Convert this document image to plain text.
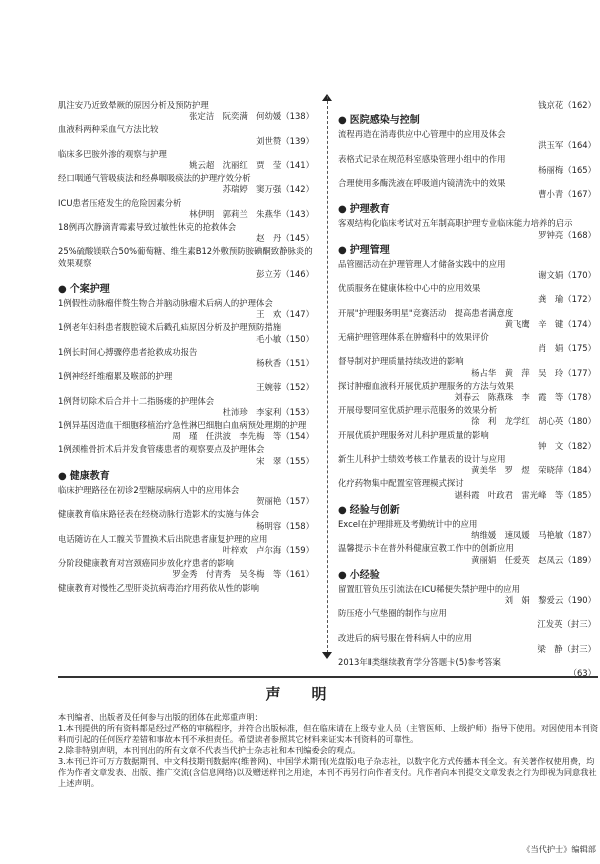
肌注安乃近致晕厥的原因分析及预防护理
张定洁　阮奕满　何幼媛（138）
血液科两种采血气方法比较
刘世赞（139）
临床多巴胺外渗的观察与护理
姚云超　沈丽红　贾　莹（141）
经口咽通气管吸痰法和经鼻咽吸痰法的护理疗效分析
苏瑞婷　窦万强（142）
ICU患者压疮发生的危险因素分析
林伊明　郭莉兰　朱燕华（143）
18例再次静滴青霉素导致过敏性休克的抢救体会
赵　丹（145）
25%硫酸镁联合50%葡萄糖、维生素B12外敷预防胺碘酮致静脉炎的效果观察
彭立芳（146）
● 个案护理
1例假性动脉瘤伴赘生物合并脑动脉瘤术后病人的护理体会
王　欢（147）
1例老年妇科患者腹腔镜术后戳孔疝原因分析及护理预防措施
毛小敏（150）
1例长时间心搏骤停患者抢救成功报告
杨秋香（151）
1例神经纤维瘤累及喉部的护理
王婉蓉（152）
1例肾切除术后合并十二指肠瘘的护理体会
杜沛珍　李家利（153）
1例异基因造血干细胞移植治疗急性淋巴细胞白血病预处理期的护理
周　瑾　任洪波　李先梅　等（154）
1例颈椎骨折术后并发食管瘘患者的观察要点及护理体会
宋　翠（155）
● 健康教育
临床护理路径在初诊2型糖尿病病人中的应用体会
贺丽艳（157）
健康教育临床路径表在经桡动脉行造影术的实施与体会
杨明容（158）
电话随访在人工髋关节置换术后出院患者康复护理的应用
叶梓欢　卢尔海（159）
分阶段健康教育对宫颈癌同步放化疗患者的影响
罗金秀　付青秀　吴冬梅　等（161）
健康教育对慢性乙型肝炎抗病毒治疗用药依从性的影响
钱京花（162）
● 医院感染与控制
流程再造在消毒供应中心管理中的应用及体会
洪玉军（164）
表格式记录在规范科室感染管理小组中的作用
杨丽梅（165）
合理使用多酶洗液在呼吸道内镜清洗中的效果
曹小青（167）
● 护理教育
客观结构化临床考试对五年制高职护理专业临床能力培养的启示
罗钟亮（168）
● 护理管理
品管圈活动在护理管理人才储备实践中的应用
谢文娟（170）
优质服务在健康体检中心中的应用效果
龚　瑜（172）
开展"护理服务明星"竞赛活动　提高患者满意度
黄飞鹰　辛　键（174）
无痛护理管理体系在肿瘤科中的效果评价
肖　娟（175）
督导制对护理质量持续改进的影响
杨占华　黄　萍　吴　玲（177）
探讨肿瘤血液科开展优质护理服务的方法与效果
刘春云　陈燕珠　李　霞　等（178）
开展母婴同室优质护理示范服务的效果分析
徐　利　龙学红　胡心英（180）
开展优质护理服务对儿科护理质量的影响
钟　文（182）
新生儿科护士绩效考核工作量表的设计与应用
黄美华　罗　煜　荣晓萍（184）
化疗药物集中配置室管理模式探讨
谌科霞　叶政君　雷光峰　等（185）
● 经验与创新
Excel在护理排班及考勤统计中的应用
纳维媛　速凤媛　马艳敏（187）
温馨提示卡在普外科健康宣教工作中的创新应用
黄丽娟　任爱英　赵凤云（189）
● 小经验
留置肛管负压引流法在ICU稀便失禁护理中的应用
刘　娟　黎爱云（190）
防压疮小气垫圈的制作与应用
江发英（封三）
改进后的病号服在骨科病人中的应用
梁　静（封三）
2013年Ⅱ类继续教育学分答题卡(5)参考答案
（63）
声　明

本刊编者、出版者及任何参与出版的团体在此郑重声明：

1.本刊提供的所有资料都是经过严格的审稿程序，并符合出版标准，但在临床请在上级专业人员（主管医师、上级护师）指导下使用。对因使用本刊资料而引起的任何医疗差错和事故本刊不承担责任。希望读者参照其它材料来证实本刊资料的可靠性。

2.除非特别声明，本刊刊出的所有文章不代表当代护士杂志社和本刊编委会的观点。

3.本刊已许可万方数据期刊、中文科技期刊数据库(维普网)、中国学术期刊(光盘版)电子杂志社，以数字化方式传播本刊全文。有关著作权使用费，均作为作者文章发表、出版、推广交流(含信息网络)以及赠送样刊之用途，本刊不再另行向作者支付。凡作者向本刊提交文章发表之行为即视为同意我社上述声明。

《当代护士》编辑部
